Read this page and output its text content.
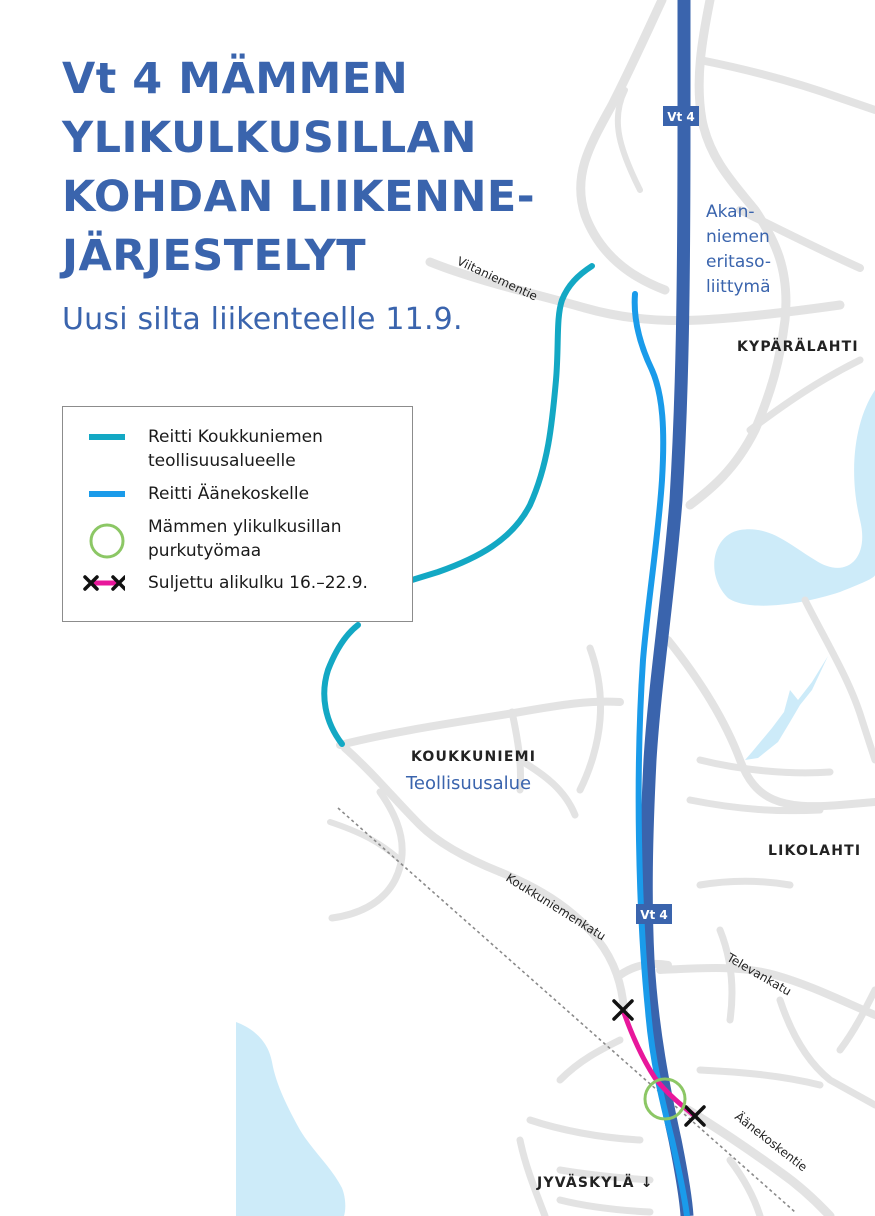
Vt 4
Vt 4
Akan-
niemen
eritaso-
liittymä
KYPÄRÄLAHTI
KOUKKUNIEMI
LIKOLAHTI
JYVÄSKYLÄ ↓
Teollisuusalue
Viitaniementie
Koukkuniemenkatu
Televankatu
Äänekoskentie
Vt 4 MÄMMEN
YLIKULKUSILLAN
KOHDAN LIIKENNE-
JÄRJESTELYT

Uusi silta liikenteelle 11.9.

Reitti Koukkuniemen
teollisuusalueelle
Reitti Äänekoskelle
Mämmen ylikulkusillan
purkutyömaa
Suljettu alikulku 16.–22.9.
